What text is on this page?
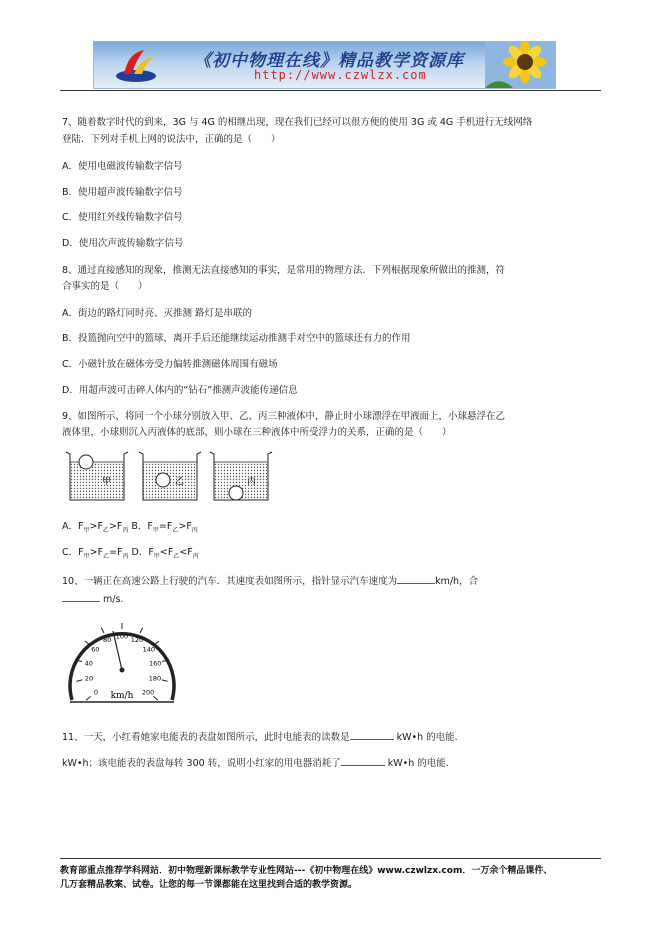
《初中物理在线》精品教学资源库
http://www.czwlzx.com
7、随着数字时代的到来，3G 与 4G 的相继出现，现在我们已经可以很方便的使用 3G 或 4G 手机进行无线网络
登陆．下列对手机上网的说法中，正确的是（　　）
A．使用电磁波传输数字信号
B．使用超声波传输数字信号
C．使用红外线传输数字信号
D．使用次声波传输数字信号
8、通过直接感知的现象，推测无法直接感知的事实，是常用的物理方法．下列根据现象所做出的推测，符
合事实的是（　　）
A．街边的路灯同时亮、灭推测 路灯是串联的
B．投篮抛向空中的篮球，离开手后还能继续运动推测手对空中的篮球还有力的作用
C．小磁针放在磁体旁受力偏转推测磁体周围有磁场
D．用超声波可击碎人体内的“钻石”推测声波能传递信息
9、如图所示，将同一个小球分别放入甲、乙、丙三种液体中，静止时小球漂浮在甲液面上，小球悬浮在乙
液体里，小球则沉入丙液体的底部，则小球在三种液体中所受浮力的关系，正确的是（　　）
甲	乙	丙
A．$F_甲>F_乙>F_丙$ B．$F_甲=F_乙>F_丙$
C．$F_甲>F_乙=F_丙$ D．$F_甲<F_乙<F_丙$
10、一辆正在高速公路上行驶的汽车．其速度表如图所示，指针显示汽车速度为	km/h，合
m/s.
0
20
40
60
80 100 120
140
160
180
200
km/h
11、一天，小红看她家电能表的表盘如图所示，此时电能表的读数是	kW•h 的电能.
kW•h；该电能表的表盘每转 300 转，说明小红家的用电器消耗了	kW•h 的电能.
教育部重点推荐学科网站．初中物理新课标教学专业性网站---《初中物理在线》www.czwlzx.com．一万余个精品课件、
几万套精品教案、试卷。让您的每一节课都能在这里找到合适的教学资源。
